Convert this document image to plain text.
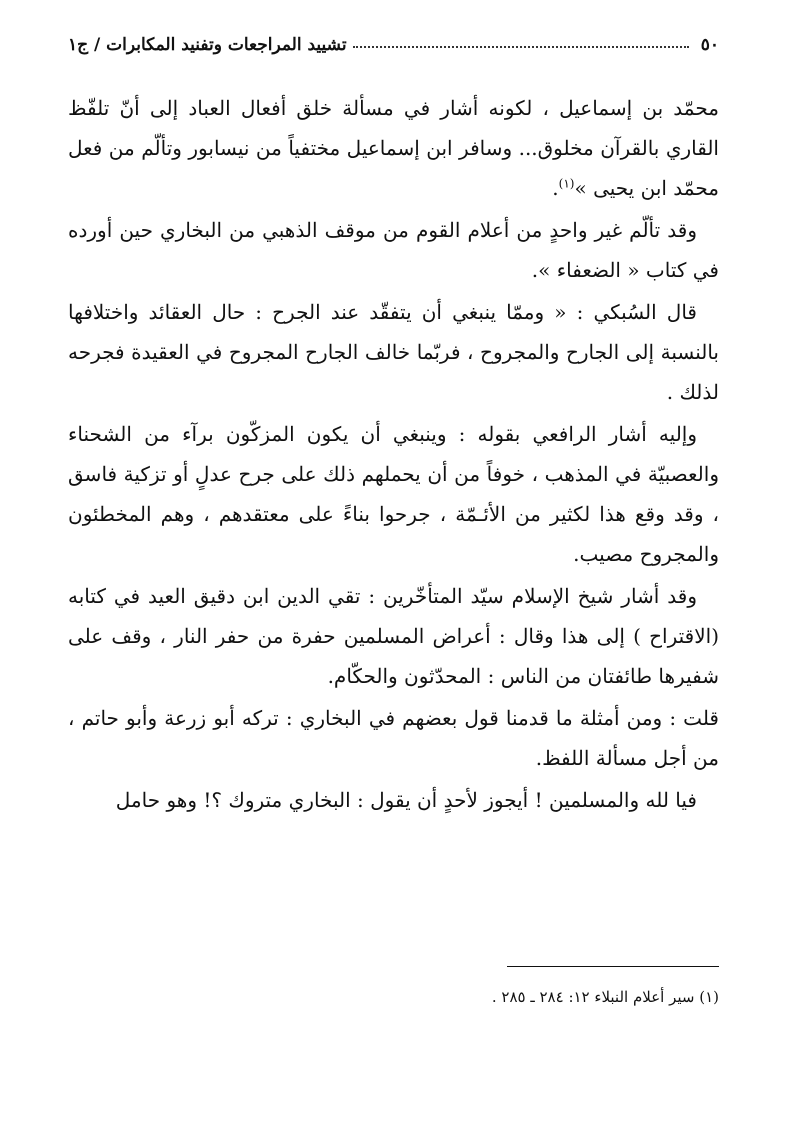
٥٠
تشييد المراجعات وتفنيد المكابرات / ج١

محمّد بن إسماعيل ، لكونه أشار في مسألة خلق أفعال العباد إلى أنّ تلفّظ القاري بالقرآن مخلوق... وسافر ابن إسماعيل مختفياً من نيسابور وتألّم من فعل محمّد ابن يحيى »$^{(١)}$.

وقد تألّم غير واحدٍ من أعلام القوم من موقف الذهبي من البخاري حين أورده في كتاب « الضعفاء ».

قال السُبكي : « وممّا ينبغي أن يتفقّد عند الجرح : حال العقائد واختلافها بالنسبة إلى الجارح والمجروح ، فربّما خالف الجارح المجروح في العقيدة فجرحه لذلك .

وإليه أشار الرافعي بقوله : وينبغي أن يكون المزكّون برآء من الشحناء والعصبيّة في المذهب ، خوفاً من أن يحملهم ذلك على جرح عدلٍ أو تزكية فاسق ، وقد وقع هذا لكثير من الأئـمّة ، جرحوا بناءً على معتقدهم ، وهم المخطئون والمجروح مصيب.

وقد أشار شيخ الإسلام سيّد المتأخّرين : تقي الدين ابن دقيق العيد في كتابه (الاقتراح ) إلى هذا وقال : أعراض المسلمين حفرة من حفر النار ، وقف على شفيرها طائفتان من الناس : المحدّثون والحكّام.

قلت : ومن أمثلة ما قدمنا قول بعضهم في البخاري : تركه أبو زرعة وأبو حاتم ، من أجل مسألة اللفظ.

فيا لله والمسلمين ! أيجوز لأحدٍ أن يقول : البخاري متروك ؟! وهو حامل

(١) سير أعلام النبلاء ١٢: ٢٨٤ ـ ٢٨٥ .
